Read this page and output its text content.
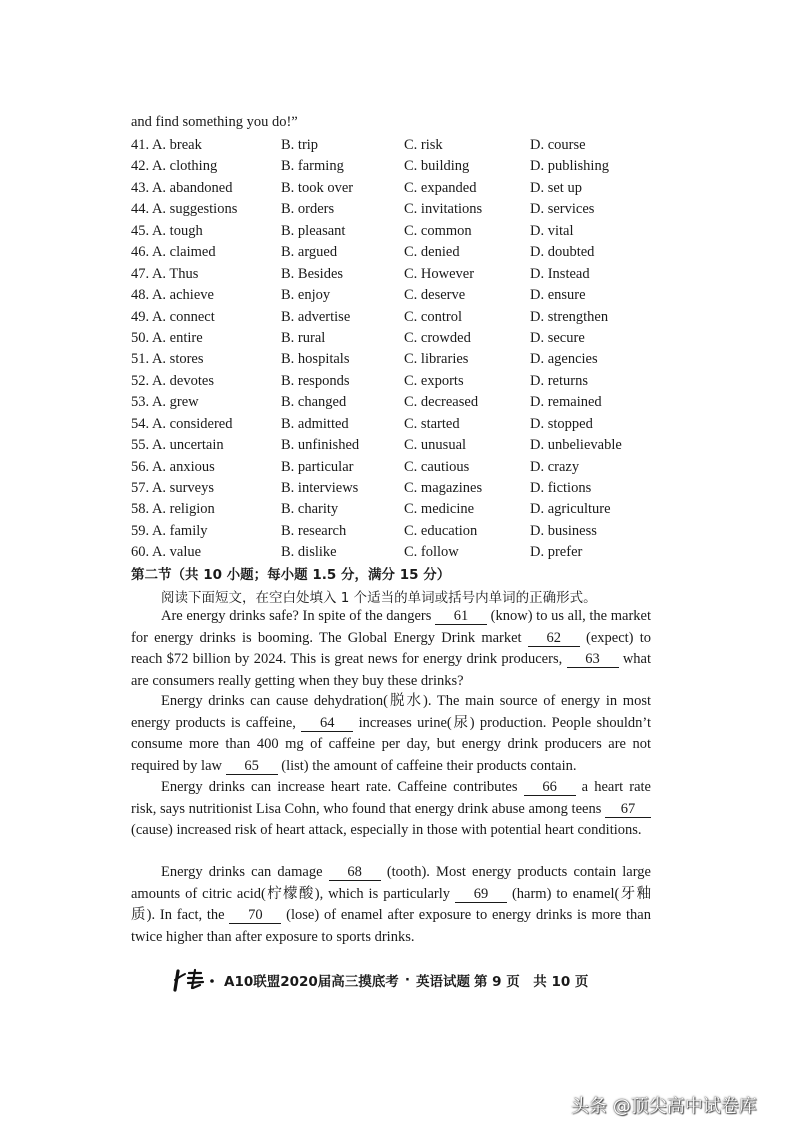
and find something you do!”
41. A. break	B. trip	C. risk	D. course
42. A. clothing	B. farming	C. building	D. publishing
43. A. abandoned	B. took over	C. expanded	D. set up
44. A. suggestions	B. orders	C. invitations	D. services
45. A. tough	B. pleasant	C. common	D. vital
46. A. claimed	B. argued	C. denied	D. doubted
47. A. Thus	B. Besides	C. However	D. Instead
48. A. achieve	B. enjoy	C. deserve	D. ensure
49. A. connect	B. advertise	C. control	D. strengthen
50. A. entire	B. rural	C. crowded	D. secure
51. A. stores	B. hospitals	C. libraries	D. agencies
52. A. devotes	B. responds	C. exports	D. returns
53. A. grew	B. changed	C. decreased	D. remained
54. A. considered	B. admitted	C. started	D. stopped
55. A. uncertain	B. unfinished	C. unusual	D. unbelievable
56. A. anxious	B. particular	C. cautious	D. crazy
57. A. surveys	B. interviews	C. magazines	D. fictions
58. A. religion	B. charity	C. medicine	D. agriculture
59. A. family	B. research	C. education	D. business
60. A. value	B. dislike	C. follow	D. prefer
第二节（共 10 小题；每小题 1.5 分，满分 15 分）
阅读下面短文，在空白处填入 1 个适当的单词或括号内单词的正确形式。

Are energy drinks safe? In spite of the dangers 61 (know) to us all, the market for energy drinks is booming. The Global Energy Drink market 62 (expect) to reach $72 billion by 2024. This is great news for energy drink producers, 63 what are consumers really getting when they buy these drinks?

Energy drinks can cause dehydration(脱水). The main source of energy in most energy products is caffeine, 64 increases urine(尿) production. People shouldn’t consume more than 400 mg of caffeine per day, but energy drink producers are not required by law 65 (list) the amount of caffeine their products contain.

Energy drinks can increase heart rate. Caffeine contributes 66 a heart rate risk, says nutritionist Lisa Cohn, who found that energy drink abuse among teens 67 (cause) increased risk of heart attack, especially in those with potential heart conditions.

Energy drinks can damage 68 (tooth). Most energy products contain large amounts of citric acid(柠檬酸), which is particularly 69 (harm) to enamel(牙釉质). In fact, the 70 (lose) of enamel after exposure to energy drinks is more than twice higher than after exposure to sports drinks.

A10联盟2020届高三摸底考 · 英语试题 第 9 页　共 10 页
头条 @顶尖高中试卷库
